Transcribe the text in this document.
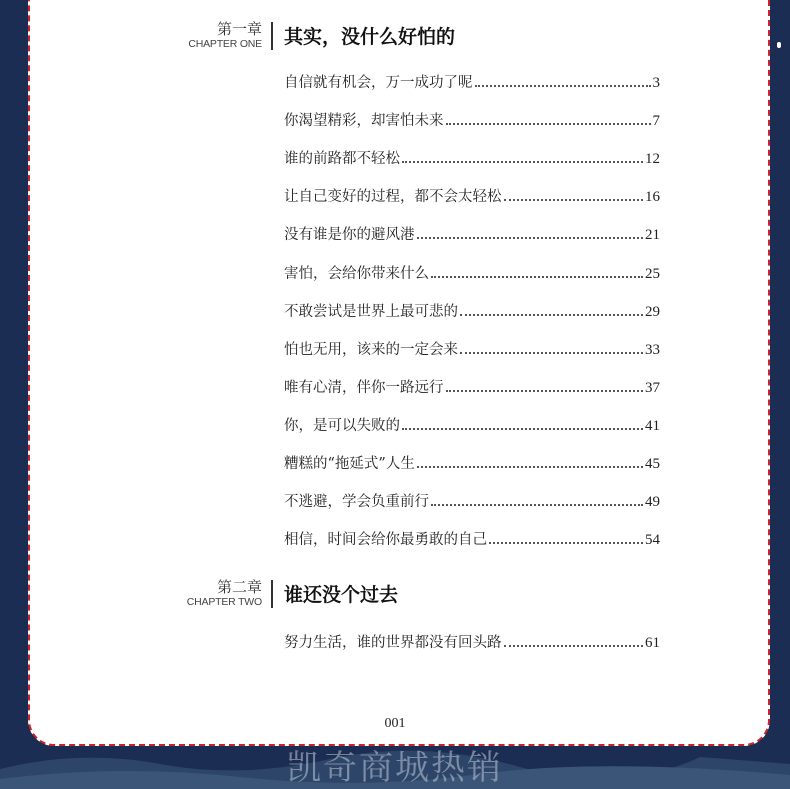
第一章
CHAPTER ONE 其实，没什么好怕的
自信就有机会，万一成功了呢	3
你渴望精彩，却害怕未来	7
谁的前路都不轻松	12
让自己变好的过程，都不会太轻松	16
没有谁是你的避风港	21
害怕，会给你带来什么	25
不敢尝试是世界上最可悲的	29
怕也无用，该来的一定会来	33
唯有心清，伴你一路远行	37
你，是可以失败的	41
糟糕的“拖延式”人生	45
不逃避，学会负重前行	49
相信，时间会给你最勇敢的自己	54
第二章
CHAPTER TWO 谁还没个过去
努力生活，谁的世界都没有回头路	61
001
凯奇商城热销
